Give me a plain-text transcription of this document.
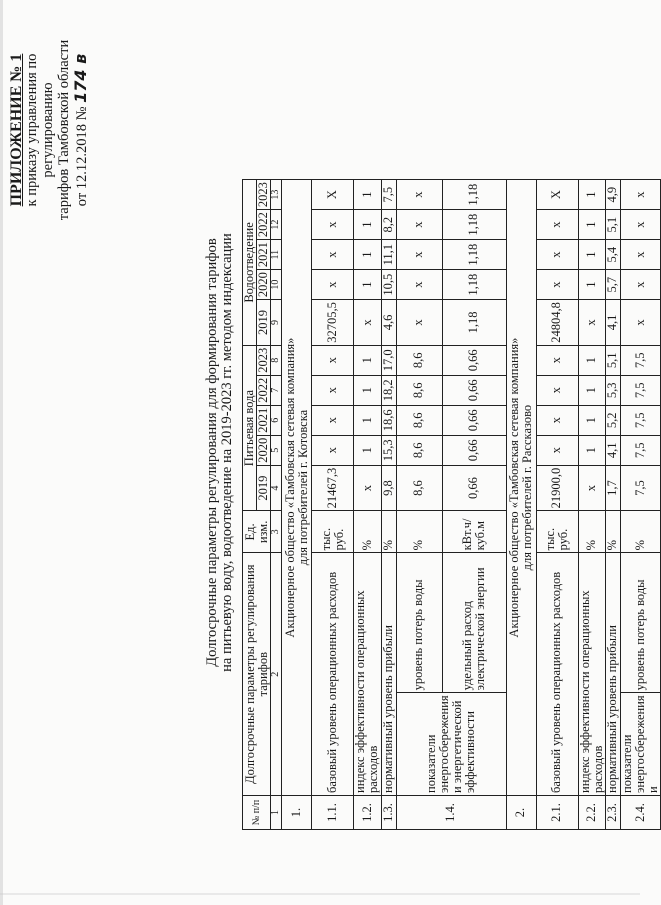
ПРИЛОЖЕНИЕ № 1 к приказу управления по регулированию тарифов Тамбовской области от 12.12.2018 № 174 в
Долгосрочные параметры регулирования для формирования тарифов на питьевую воду, водоотведение на 2019-2023 гг. методом индексации
№ п/п	Долгосрочные параметры регулирования тарифов		Ед. изм.	Питьевая вода					Водоотведение				
				2019	2020	2021	2022	2023	2019	2020	2021	2022	2023
1	2		3	4	5	6	7	8	9	10	11	12	13
1.	Акционерное общество «Тамбовская сетевая компания» для потребителей г. Котовска												

1.1.	базовый уровень операционных расходов		тыс. руб.	21467,3	х	х	х	х	32705,5	х	х	х	Х
1.2.	индекс эффективности операционных расходов		%	х	1	1	1	1	х	1	1	1	1
1.3.	нормативный уровень прибыли		%	9,8	15,3	18,6	18,2	17,0	4,6	10,5	11,1	8,2	7,5
1.4.	показатели энергосбережения и энергетической эффективности	уровень потерь воды	%	8,6	8,6	8,6	8,6	8,6	х	х	х	х	х
		удельный расход электрической энергии	кВт.ч/ куб.м	0,66	0,66	0,66	0,66	0,66	1,18	1,18	1,18	1,18	1,18
2.	Акционерное общество «Тамбовская сетевая компания» для потребителей г. Рассказово												

2.1.	базовый уровень операционных расходов		тыс. руб.	21900,0	х	х	х	х	24804,8	х	х	х	Х
2.2.	индекс эффективности операционных расходов		%	х	1	1	1	1	х	1	1	1	1
2.3.	нормативный уровень прибыли		%	1,7	4,1	5,2	5,3	5,1	4,1	5,7	5,4	5,1	4,9
2.4.	показатели энергосбережения и	уровень потерь воды	%	7,5	7,5	7,5	7,5	7,5	х	х	х	х	х
